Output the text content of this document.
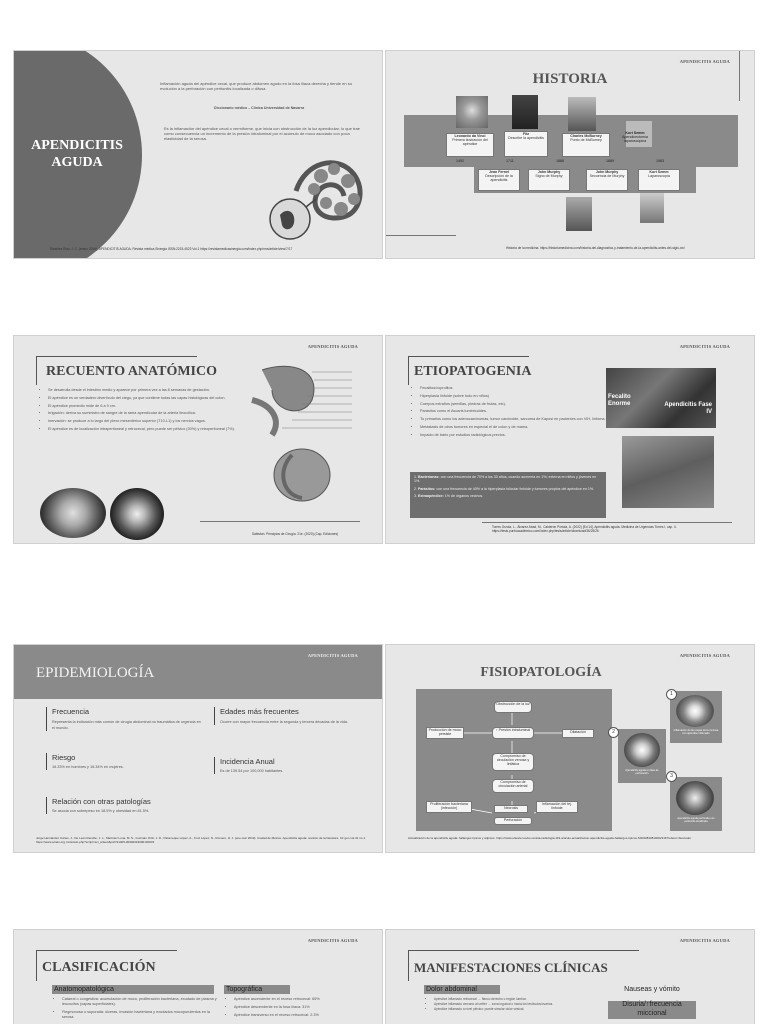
APENDICITIS AGUDA
Inflamación aguda del apéndice cecal, que produce abdomen agudo en la fosa ilíaca derecha y tiende en su evolución a la perforación con peritonitis localizada o difusa.
Diccionario médico – Clínica Universidad de Navarra
Es la inflamación del apéndice cecal o vermiforme, que inicia con obstrucción de la luz apendicular, lo que trae como consecuencia un incremento de la presión intraluminal por el acúmulo de moco asociado con poca elasticidad de la serosa.
Sánchez Ruiz, J. C. (enero 2016). APENDICITIS AGUDA. Revista médica Sinergia ISSN:2215-4523 Vol.1 https://revistamedicasinergia.com/index.php/rms/article/view/7/17
APENDICITIS AGUDA
HISTORIA
Leonardo da Vinci
Primera ilustración del apéndice
Fitz
Describe la apendicitis	Charles McBurney
Punto de McBurney
Kurt Semm
Apendicectomía laparoscópica
1492	1711	1886	1889	1983
Jean Fernel
Descripción de la apendicitis
John Murphy
Signo de Murphy
John Murphy
Secuencia de Murphy
Kurt Semm
Laparoscopía
Historia de la medicina. https://historiamedicina.com/historia-del-diagnostico-y-tratamiento-de-la-apendicitis-antes-del-siglo-xix/
APENDICITIS AGUDA
RECUENTO ANATÓMICO
• Se desarrolla desde el intestino medio y aparece por primera vez a las 8 semanas de gestación.
• El apéndice es un verdadero divertículo del ciego, ya que contiene todas las capas histológicas del colon.
• El apéndice promedio mide de 6 a 9 cm.
• Irrigación: deriva su suministro de sangre de la rama apendicular de la arteria ileocólica.
• Inervación: se produce a lo largo del plexo mesentérico superior (T10-L1) y los nervios vagos.
• El apéndice es de localización intraperitoneal y retrocecal, pero puede ser pélvico (30%) y retroperitoneal (7%).
Sabiston. Principios de Cirugía. 21e. (2020) (Cap. Ediciones)
APENDICITIS AGUDA
ETIOPATOGENIA
• Fecalitos/coprolitos
• Hiperplasia linfoide (sobre todo en niños)
• Cuerpos extraños (semillas, piedras de frutas, etc).
• Parásitos como el Ascaris lumbricoides.
• Tu primarios como los adenocarcinomas, tumor carcinoide, sarcoma de Kaposi en pacientes con VIH, linfoma.
• Metástasis de otros tumores en especial el de colon y de mama.
• Impacto de bario por estudios radiológicos previos.
1. Bacterianas: con una frecuencia de 70% a los 30 años, cuando aumenta en 1%; externa en niños y jóvenes en 1%.
2. Parásitos: con una frecuencia de 40% a la hiperplasia folicular linfoide y tumores propios del apéndice en 1%.
3. Extraapéndice: 1% de órganos vecinos.
Fecalito Enorme	Apendicitis Fase IV
Torres Orzola, L., Álvarez Abad, M., Calderón Pórtola, A. (2022) [Ed 14]. Apendicitis aguda. Medicina de Urgencias Torres I, cap. 4. https://tesis.puntoacadémico.com/index.php/tesis/article/download/36/25/26
APENDICITIS AGUDA
EPIDEMIOLOGÍA
Frecuencia
Representa la indicación más común de cirugía abdominal no traumática de urgencia en el mundo.
Edades más frecuentes
Ocurre con mayor frecuencia entre la segunda y tercera décadas de la vida.
Riesgo
16.33% en hombres y 16.34% en mujeres.
Incidencia Anual
Es de 139.54 por 100,000 habitantes.
Relación con otras patologías
Se asocia con sobrepeso en 18.5% y obesidad en 81.5%.
Jorge Hernández Cortes, J., De León Rendón, J. L., Martínez Luna, M. S., Guzmán Ortiz, J. D., Palomeque López, A., Cruz López, N., Romero, H. J. (ene-mar 2019). Ciudad de México. Apendicitis aguda: revisión de la literatura. Cir gen vol.41 no.1. https://www.scielo.org.mx/scielo.php?script=sci_arttext&pid=S1405-00992019000100033
APENDICITIS AGUDA
FISIOPATOLOGÍA
Obstrucción de la luz
Producción de moco persiste
↑ Presión intraluminal	Dilatación
Compromiso de circulación venosa y linfática
Compromiso de circulación arterial
Proliferación bacteriana (infección)	Necrosis
Inflamación del tej. linfoide
Perforación
Inflamación de las capas de la mucosa con apéndice inflamado
Apendicitis aguda en fase de perforación
Apendicitis aguda perforada con peritonitis localizada
1
2
3
Actualización de la apendicitis aguda: hallazgos típicos y atípicos. https://www.elsevier.es/es-revista-radiologia-119-articulo-actualizacion-apendicitis-aguda-hallazgos-tipicos-S0033833810002316?referer=buscador
APENDICITIS AGUDA
CLASIFICACIÓN
Anatomopatológica
• Catarral o congestiva: acumulación de moco, proliferación bacteriana, exudado de plasma y leucocitos (capas superficiales).
• Flegmonosa o supurada: úlceras, invasión bacteriana y exudados mucopurulentos en la serosa.
Topográfica
• Apéndice ascendente en el receso retrocecal: 65%
• Apéndice descendente en la fosa ilíaca: 31%
• Apéndice transverso en el receso retrocecal: 2.3%
APENDICITIS AGUDA
MANIFESTACIONES CLÍNICAS
Dolor abdominal
• Apéndice inflamado retrocecal → flanco derecho o región lumbar.
• Apéndice inflamado cercano al uréter → zona inguinal o hacia los testículos/ovarios.
• Apéndice inflamado a nivel pélvico: puede simular dolor vesical.
Nauseas y vómito
Disuria/↑frecuencia miccional
